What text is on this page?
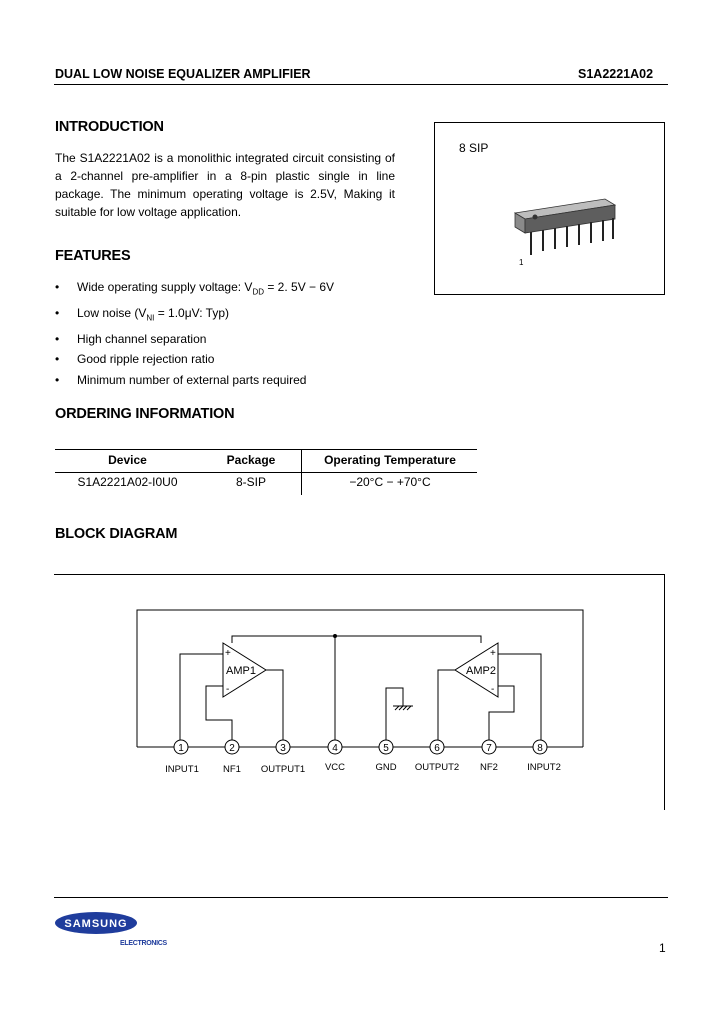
DUAL LOW NOISE EQUALIZER AMPLIFIER	S1A2221A02
INTRODUCTION
The S1A2221A02 is a monolithic integrated circuit consisting of a 2-channel pre-amplifier in a 8-pin plastic single in line package. The minimum operating voltage is 2.5V, Making it suitable for low voltage application.
8 SIP
1
FEATURES
• Wide operating supply voltage: $V_{DD} = 2$. 5V − 6V
• Low noise ($V_{NI} = 1.0\mu V$: Typ)
• High channel separation
• Good ripple rejection ratio
• Minimum number of external parts required
ORDERING INFORMATION
Device	Package	Operating Temperature
S1A2221A02-I0U0	8-SIP	−20°C − +70°C
BLOCK DIAGRAM
AMP1	AMP2
+
-
+
-
1
INPUT1
2
NF1
3
OUTPUT1
4
VCC
5
GND
6
OUTPUT2
7
NF2
8
INPUT2
SAMSUNG
ELECTRONICS	1
